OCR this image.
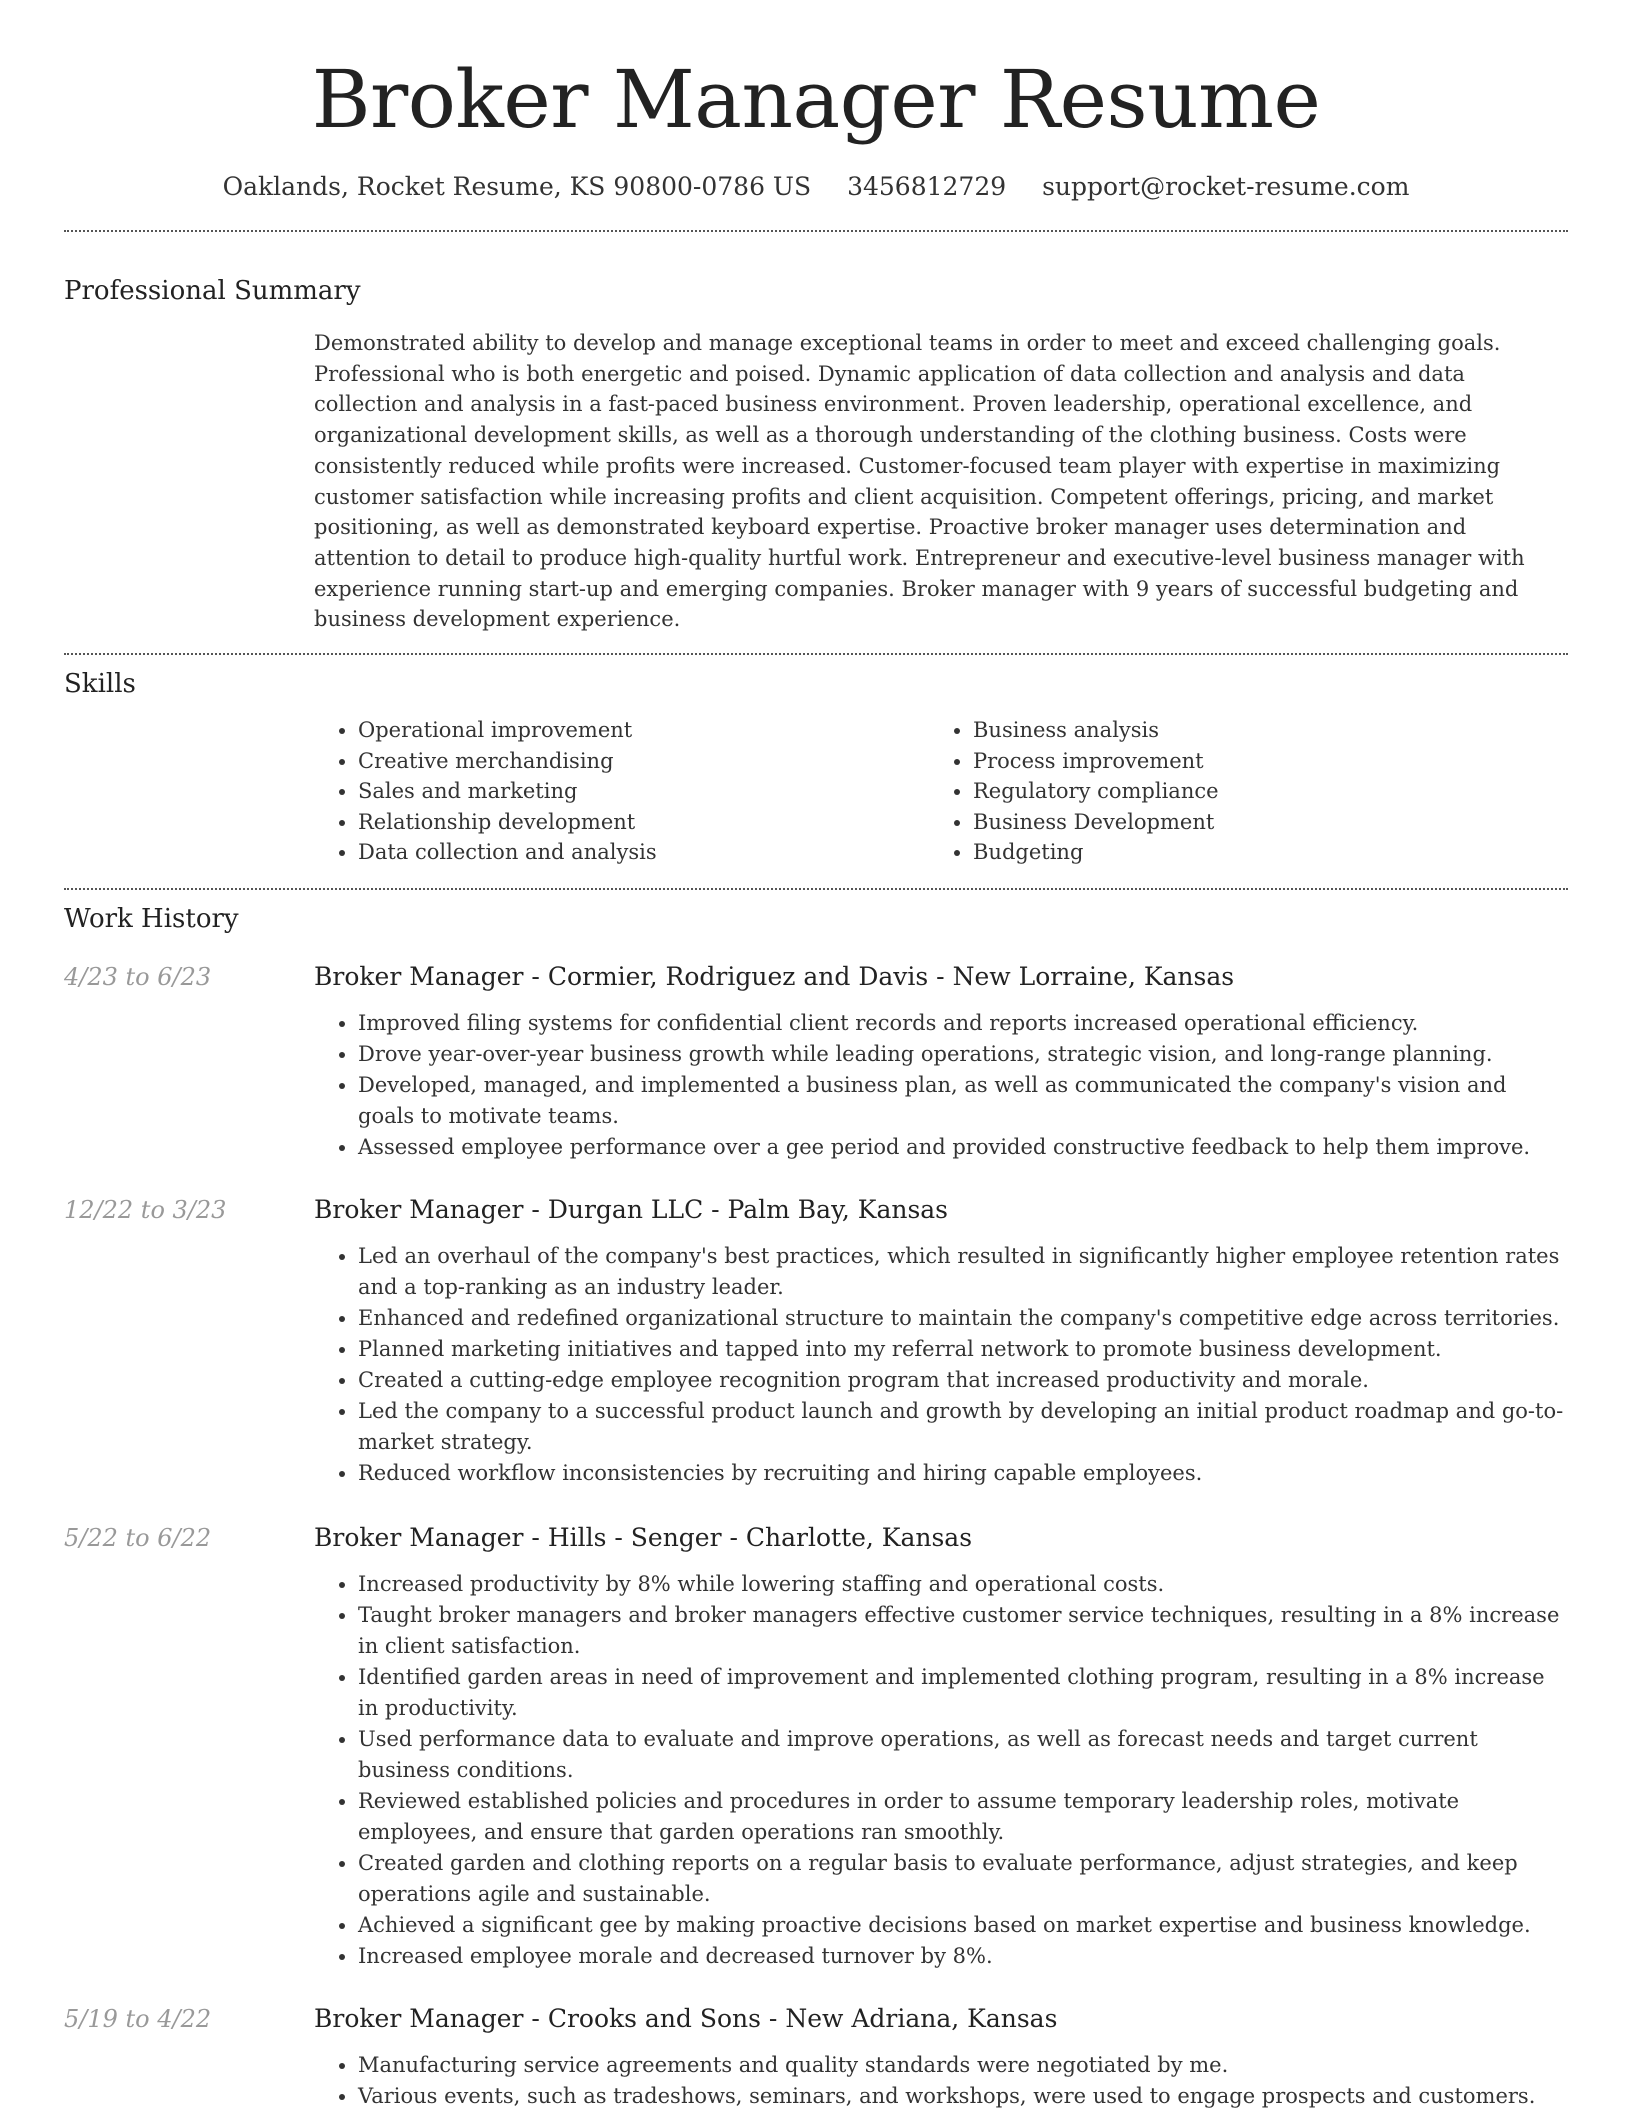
Broker Manager Resume
Oaklands, Rocket Resume, KS 90800-0786 US 3456812729 support@rocket-resume.com
Professional Summary

Demonstrated ability to develop and manage exceptional teams in order to meet and exceed challenging goals. Professional who is both energetic and poised. Dynamic application of data collection and analysis and data collection and analysis in a fast-paced business environment. Proven leadership, operational excellence, and organizational development skills, as well as a thorough understanding of the clothing business. Costs were consistently reduced while profits were increased. Customer-focused team player with expertise in maximizing customer satisfaction while increasing profits and client acquisition. Competent offerings, pricing, and market positioning, as well as demonstrated keyboard expertise. Proactive broker manager uses determination and attention to detail to produce high-quality hurtful work. Entrepreneur and executive-level business manager with experience running start-up and emerging companies. Broker manager with 9 years of successful budgeting and business development experience.

Skills
• Operational improvement
• Creative merchandising
• Sales and marketing
• Relationship development
• Data collection and analysis
• Business analysis
• Process improvement
• Regulatory compliance
• Business Development
• Budgeting
Work History
4/23 to 6/23	Broker Manager - Cormier, Rodriguez and Davis - New Lorraine, Kansas
• Improved filing systems for confidential client records and reports increased operational efficiency.
• Drove year-over-year business growth while leading operations, strategic vision, and long-range planning.
• Developed, managed, and implemented a business plan, as well as communicated the company's vision and goals to motivate teams.
• Assessed employee performance over a gee period and provided constructive feedback to help them improve.
12/22 to 3/23	Broker Manager - Durgan LLC - Palm Bay, Kansas
• Led an overhaul of the company's best practices, which resulted in significantly higher employee retention rates and a top-ranking as an industry leader.
• Enhanced and redefined organizational structure to maintain the company's competitive edge across territories.
• Planned marketing initiatives and tapped into my referral network to promote business development.
• Created a cutting-edge employee recognition program that increased productivity and morale.
• Led the company to a successful product launch and growth by developing an initial product roadmap and go-to-market strategy.
• Reduced workflow inconsistencies by recruiting and hiring capable employees.
5/22 to 6/22	Broker Manager - Hills - Senger - Charlotte, Kansas
• Increased productivity by 8% while lowering staffing and operational costs.
• Taught broker managers and broker managers effective customer service techniques, resulting in a 8% increase in client satisfaction.
• Identified garden areas in need of improvement and implemented clothing program, resulting in a 8% increase in productivity.
• Used performance data to evaluate and improve operations, as well as forecast needs and target current business conditions.
• Reviewed established policies and procedures in order to assume temporary leadership roles, motivate employees, and ensure that garden operations ran smoothly.
• Created garden and clothing reports on a regular basis to evaluate performance, adjust strategies, and keep operations agile and sustainable.
• Achieved a significant gee by making proactive decisions based on market expertise and business knowledge.
• Increased employee morale and decreased turnover by 8%.
5/19 to 4/22	Broker Manager - Crooks and Sons - New Adriana, Kansas
• Manufacturing service agreements and quality standards were negotiated by me.
• Various events, such as tradeshows, seminars, and workshops, were used to engage prospects and customers.
